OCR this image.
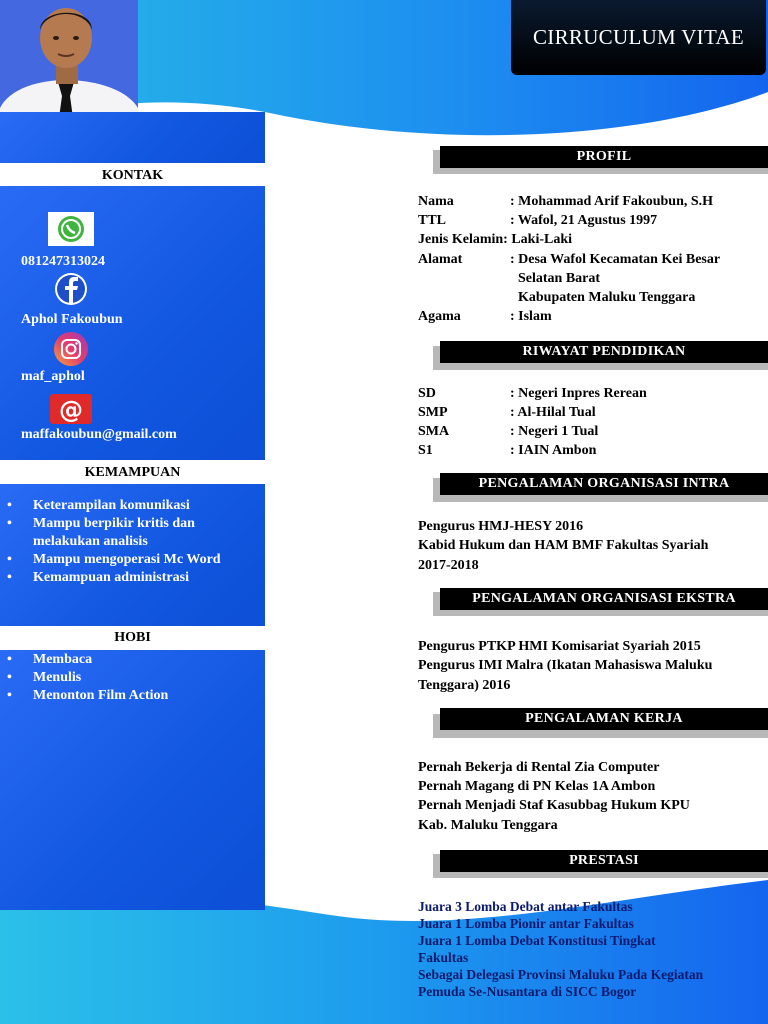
KONTAK
081247313024
Aphol Fakoubun
maf_aphol
@
maffakoubun@gmail.com
KEMAMPUAN
• Keterampilan komunikasi
• Mampu berpikir kritis dan
melakukan analisis
• Mampu mengoperasi Mc Word
• Kemampuan administrasi
HOBI
• Membaca
• Menulis
• Menonton Film Action
CIRRUCULUM VITAE
PROFIL
Nama	: Mohammad Arif Fakoubun, S.H
TTL	: Wafol, 21 Agustus 1997
Jenis Kelamin: Laki-Laki
Alamat	: Desa Wafol Kecamatan Kei Besar
Selatan Barat
Kabupaten Maluku Tenggara
Agama	: Islam
RIWAYAT PENDIDIKAN
SD	: Negeri Inpres Rerean
SMP	: Al-Hilal Tual
SMA	: Negeri 1 Tual
S1	: IAIN Ambon
PENGALAMAN ORGANISASI INTRA
Pengurus HMJ-HESY 2016
Kabid Hukum dan HAM BMF Fakultas Syariah
2017-2018
PENGALAMAN ORGANISASI EKSTRA
Pengurus PTKP HMI Komisariat Syariah 2015
Pengurus IMI Malra (Ikatan Mahasiswa Maluku
Tenggara) 2016
PENGALAMAN KERJA
Pernah Bekerja di Rental Zia Computer
Pernah Magang di PN Kelas 1A Ambon
Pernah Menjadi Staf Kasubbag Hukum KPU
Kab. Maluku Tenggara
PRESTASI
Juara 3 Lomba Debat antar Fakultas
Juara 1 Lomba Pionir antar Fakultas
Juara 1 Lomba Debat Konstitusi Tingkat
Fakultas
Sebagai Delegasi Provinsi Maluku Pada Kegiatan
Pemuda Se-Nusantara di SICC Bogor
